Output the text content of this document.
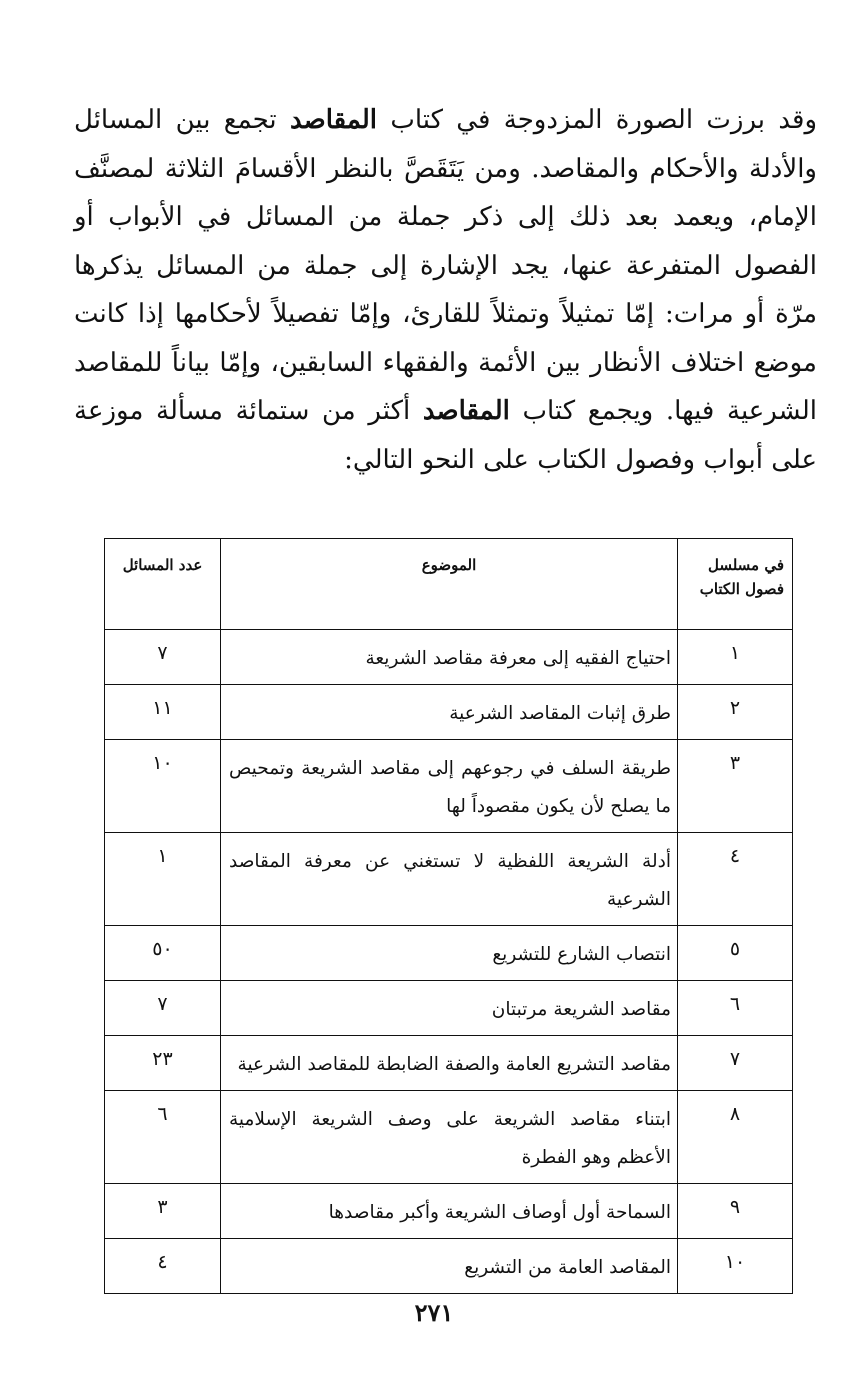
وقد برزت الصورة المزدوجة في كتاب المقاصد تجمع بين المسائل والأدلة والأحكام والمقاصد. ومن يَتَقَصَّ بالنظر الأقسامَ الثلاثة لمصنَّف الإمام، ويعمد بعد ذلك إلى ذكر جملة من المسائل في الأبواب أو الفصول المتفرعة عنها، يجد الإشارة إلى جملة من المسائل يذكرها مرّة أو مرات: إمّا تمثيلاً وتمثلاً للقارئ، وإمّا تفصيلاً لأحكامها إذا كانت موضع اختلاف الأنظار بين الأئمة والفقهاء السابقين، وإمّا بياناً للمقاصد الشرعية فيها. ويجمع كتاب المقاصد أكثر من ستمائة مسألة موزعة على أبواب وفصول الكتاب على النحو التالي:

في مسلسل فصول الكتاب	الموضوع	عدد المسائل
١	احتياج الفقيه إلى معرفة مقاصد الشريعة	٧
٢	طرق إثبات المقاصد الشرعية	١١
٣	طريقة السلف في رجوعهم إلى مقاصد الشريعة وتمحيص ما يصلح لأن يكون مقصوداً لها	١٠
٤	أدلة الشريعة اللفظية لا تستغني عن معرفة المقاصد الشرعية	١
٥	انتصاب الشارع للتشريع	٥٠
٦	مقاصد الشريعة مرتبتان	٧
٧	مقاصد التشريع العامة والصفة الضابطة للمقاصد الشرعية	٢٣
٨	ابتناء مقاصد الشريعة على وصف الشريعة الإسلامية الأعظم وهو الفطرة	٦
٩	السماحة أول أوصاف الشريعة وأكبر مقاصدها	٣
١٠	المقاصد العامة من التشريع	٤
٢٧١
